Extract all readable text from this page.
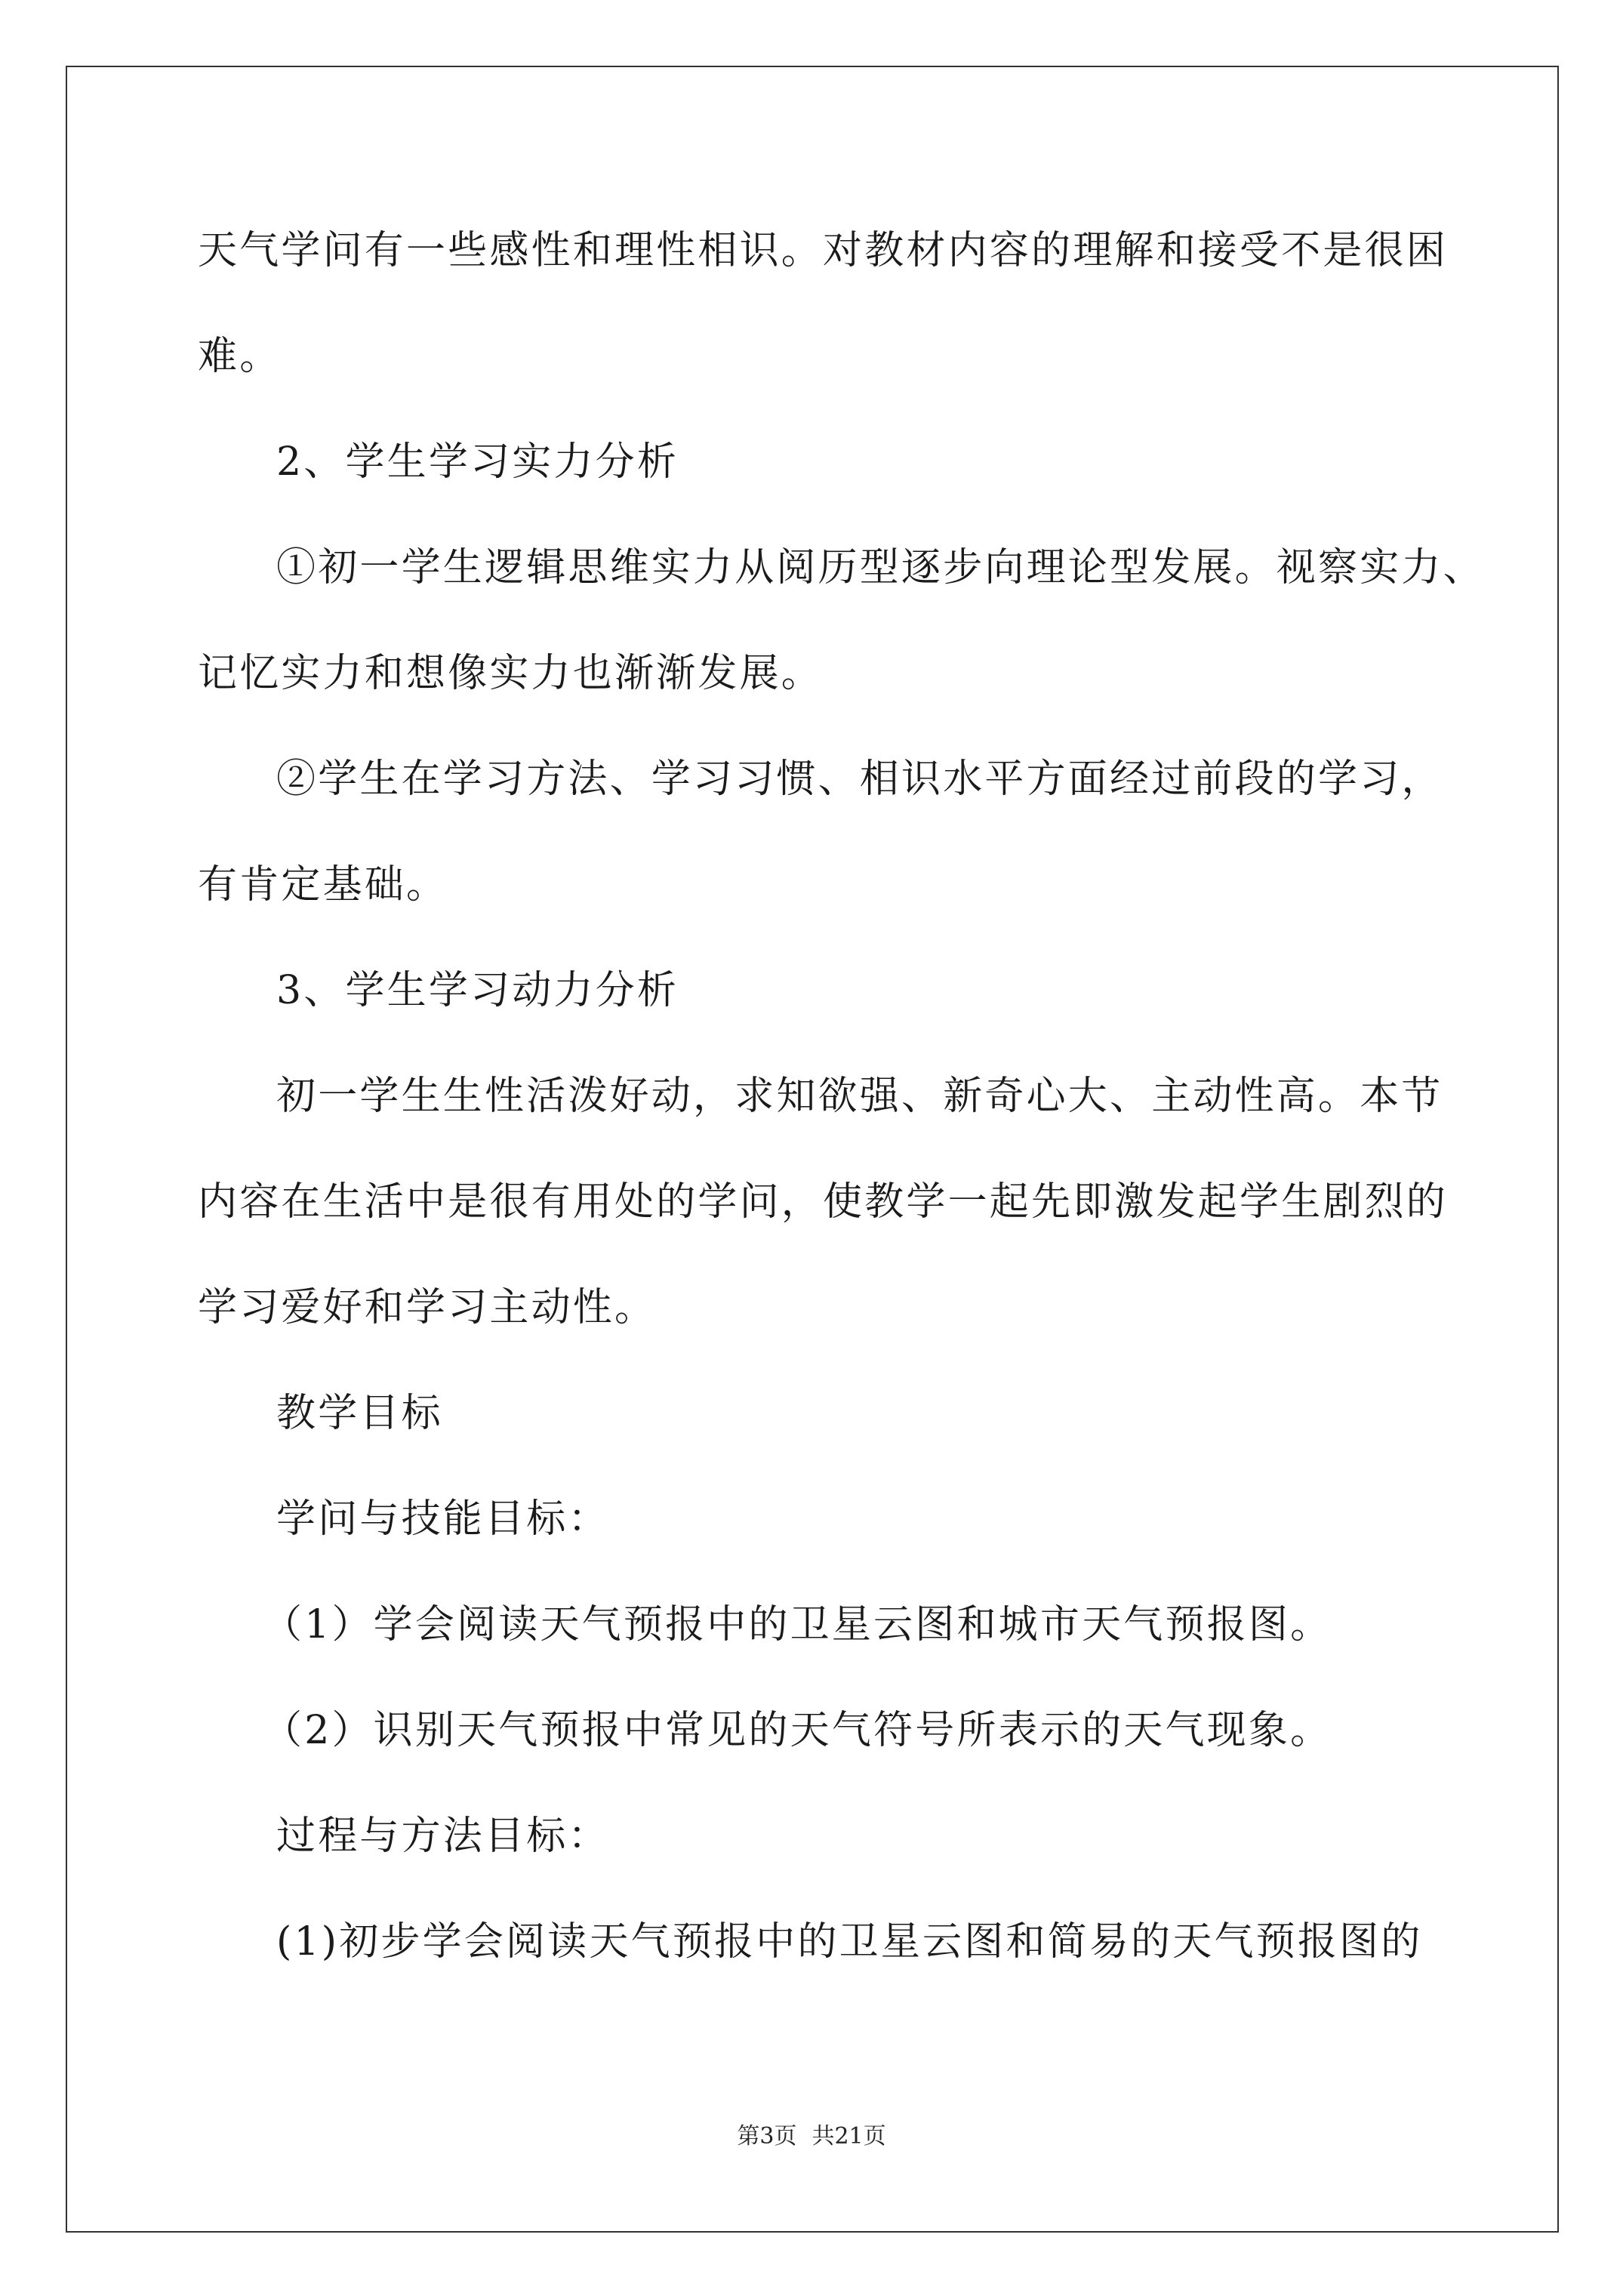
天气学问有一些感性和理性相识。对教材内容的理解和接受不是很困
难。
2、学生学习实力分析
①初一学生逻辑思维实力从阅历型逐步向理论型发展。视察实力、
记忆实力和想像实力也渐渐发展。
②学生在学习方法、学习习惯、相识水平方面经过前段的学习，
有肯定基础。
3、学生学习动力分析
初一学生生性活泼好动，求知欲强、新奇心大、主动性高。本节
内容在生活中是很有用处的学问，使教学一起先即激发起学生剧烈的
学习爱好和学习主动性。
教学目标
学问与技能目标：
（1）学会阅读天气预报中的卫星云图和城市天气预报图。
（2）识别天气预报中常见的天气符号所表示的天气现象。
过程与方法目标：
(1)初步学会阅读天气预报中的卫星云图和简易的天气预报图的
第3页 共21页
